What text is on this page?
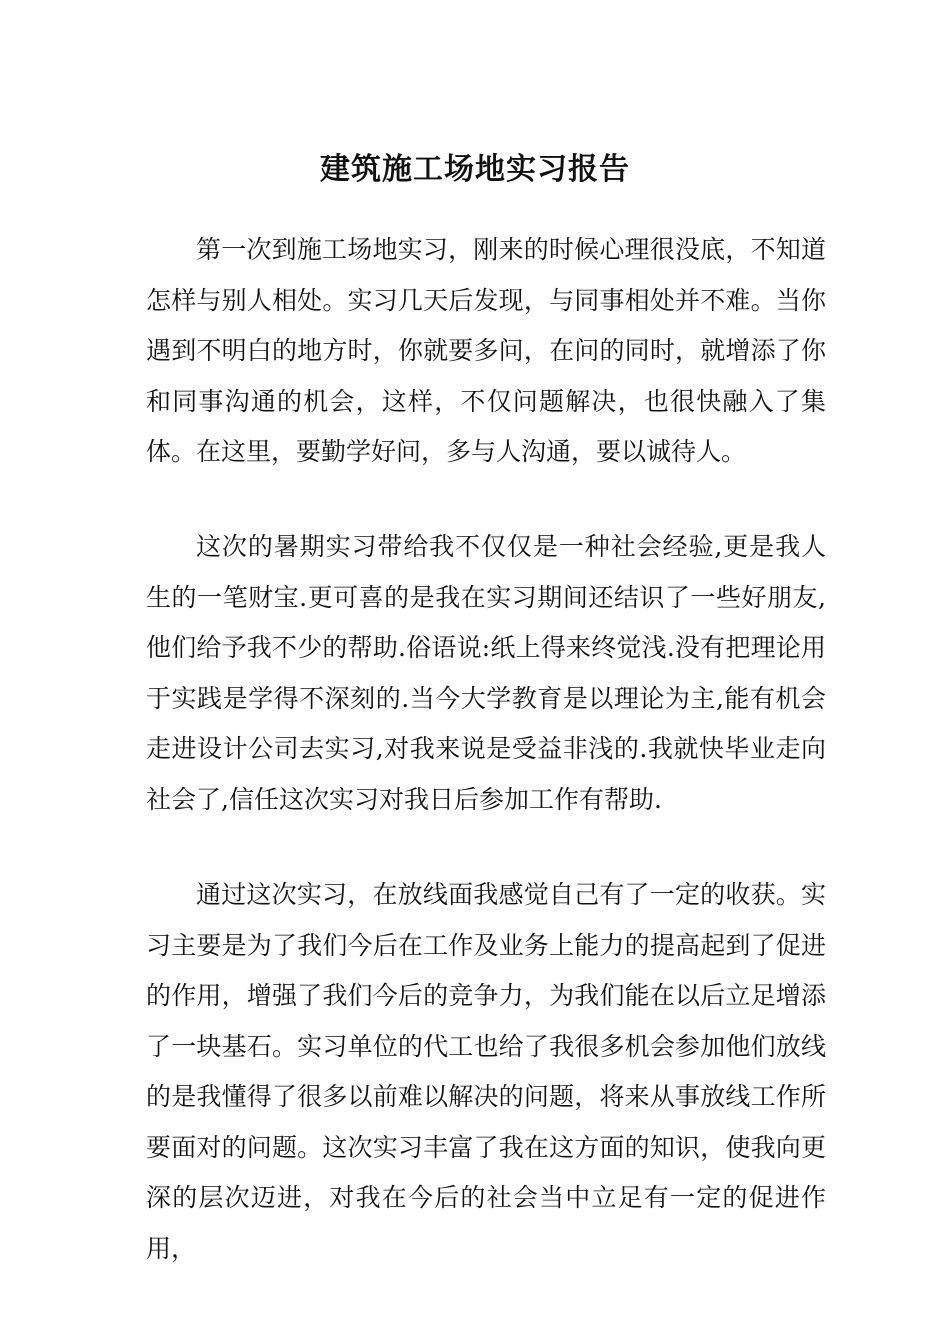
建筑施工场地实习报告

第一次到施工场地实习，刚来的时候心理很没底，不知道怎样与别人相处。实习几天后发现，与同事相处并不难。当你遇到不明白的地方时，你就要多问，在问的同时，就增添了你和同事沟通的机会，这样，不仅问题解决，也很快融入了集体。在这里，要勤学好问，多与人沟通，要以诚待人。

这次的暑期实习带给我不仅仅是一种社会经验,更是我人生的一笔财宝.更可喜的是我在实习期间还结识了一些好朋友,他们给予我不少的帮助.俗语说:纸上得来终觉浅.没有把理论用于实践是学得不深刻的.当今大学教育是以理论为主,能有机会走进设计公司去实习,对我来说是受益非浅的.我就快毕业走向社会了,信任这次实习对我日后参加工作有帮助.

通过这次实习，在放线面我感觉自己有了一定的收获。实习主要是为了我们今后在工作及业务上能力的提高起到了促进的作用，增强了我们今后的竞争力，为我们能在以后立足增添了一块基石。实习单位的代工也给了我很多机会参加他们放线的是我懂得了很多以前难以解决的问题，将来从事放线工作所要面对的问题。这次实习丰富了我在这方面的知识，使我向更深的层次迈进，对我在今后的社会当中立足有一定的促进作用，
